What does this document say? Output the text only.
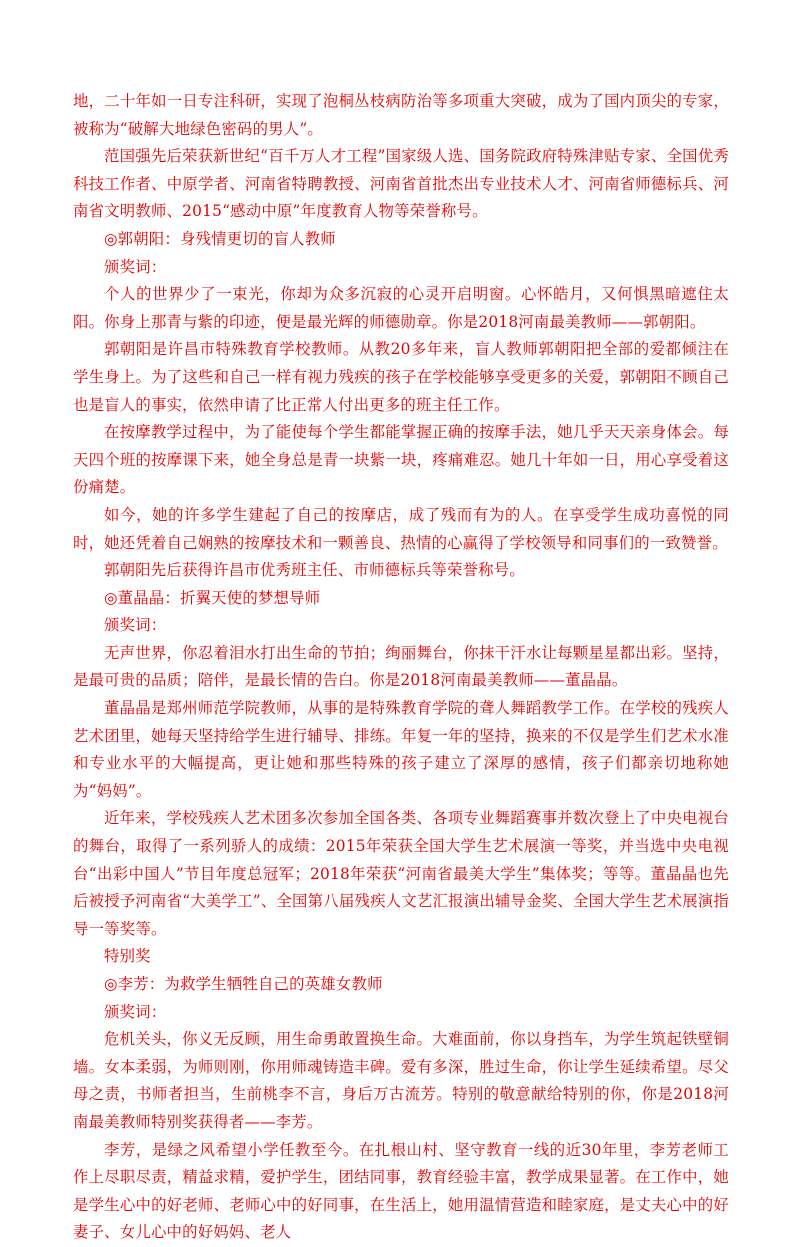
地，二十年如一日专注科研，实现了泡桐丛枝病防治等多项重大突破，成为了国内顶尖的专家，被称为“破解大地绿色密码的男人”。

范国强先后荣获新世纪“百千万人才工程”国家级人选、国务院政府特殊津贴专家、全国优秀科技工作者、中原学者、河南省特聘教授、河南省首批杰出专业技术人才、河南省师德标兵、河南省文明教师、2015“感动中原”年度教育人物等荣誉称号。

◎郭朝阳：身残情更切的盲人教师

颁奖词：

个人的世界少了一束光，你却为众多沉寂的心灵开启明窗。心怀皓月，又何惧黑暗遮住太阳。你身上那青与紫的印迹，便是最光辉的师德勋章。你是2018河南最美教师——郭朝阳。

郭朝阳是许昌市特殊教育学校教师。从教20多年来，盲人教师郭朝阳把全部的爱都倾注在学生身上。为了这些和自己一样有视力残疾的孩子在学校能够享受更多的关爱，郭朝阳不顾自己也是盲人的事实，依然申请了比正常人付出更多的班主任工作。

在按摩教学过程中，为了能使每个学生都能掌握正确的按摩手法，她几乎天天亲身体会。每天四个班的按摩课下来，她全身总是青一块紫一块，疼痛难忍。她几十年如一日，用心享受着这份痛楚。

如今，她的许多学生建起了自己的按摩店，成了残而有为的人。在享受学生成功喜悦的同时，她还凭着自己娴熟的按摩技术和一颗善良、热情的心赢得了学校领导和同事们的一致赞誉。

郭朝阳先后获得许昌市优秀班主任、市师德标兵等荣誉称号。

◎董晶晶：折翼天使的梦想导师

颁奖词：

无声世界，你忍着泪水打出生命的节拍；绚丽舞台，你抹干汗水让每颗星星都出彩。坚持，是最可贵的品质；陪伴，是最长情的告白。你是2018河南最美教师——董晶晶。

董晶晶是郑州师范学院教师，从事的是特殊教育学院的聋人舞蹈教学工作。在学校的残疾人艺术团里，她每天坚持给学生进行辅导、排练。年复一年的坚持，换来的不仅是学生们艺术水准和专业水平的大幅提高，更让她和那些特殊的孩子建立了深厚的感情，孩子们都亲切地称她为“妈妈”。

近年来，学校残疾人艺术团多次参加全国各类、各项专业舞蹈赛事并数次登上了中央电视台的舞台，取得了一系列骄人的成绩：2015年荣获全国大学生艺术展演一等奖，并当选中央电视台“出彩中国人”节目年度总冠军；2018年荣获“河南省最美大学生”集体奖；等等。董晶晶也先后被授予河南省“大美学工”、全国第八届残疾人文艺汇报演出辅导金奖、全国大学生艺术展演指导一等奖等。

特别奖

◎李芳：为救学生牺牲自己的英雄女教师

颁奖词：

危机关头，你义无反顾，用生命勇敢置换生命。大难面前，你以身挡车，为学生筑起铁壁铜墙。女本柔弱，为师则刚，你用师魂铸造丰碑。爱有多深，胜过生命，你让学生延续希望。尽父母之责，书师者担当，生前桃李不言，身后万古流芳。特别的敬意献给特别的你，你是2018河南最美教师特别奖获得者——李芳。

李芳，是绿之风希望小学任教至今。在扎根山村、坚守教育一线的近30年里，李芳老师工作上尽职尽责，精益求精，爱护学生，团结同事，教育经验丰富，教学成果显著。在工作中，她是学生心中的好老师、老师心中的好同事，在生活上，她用温情营造和睦家庭，是丈夫心中的好妻子、女儿心中的好妈妈、老人
